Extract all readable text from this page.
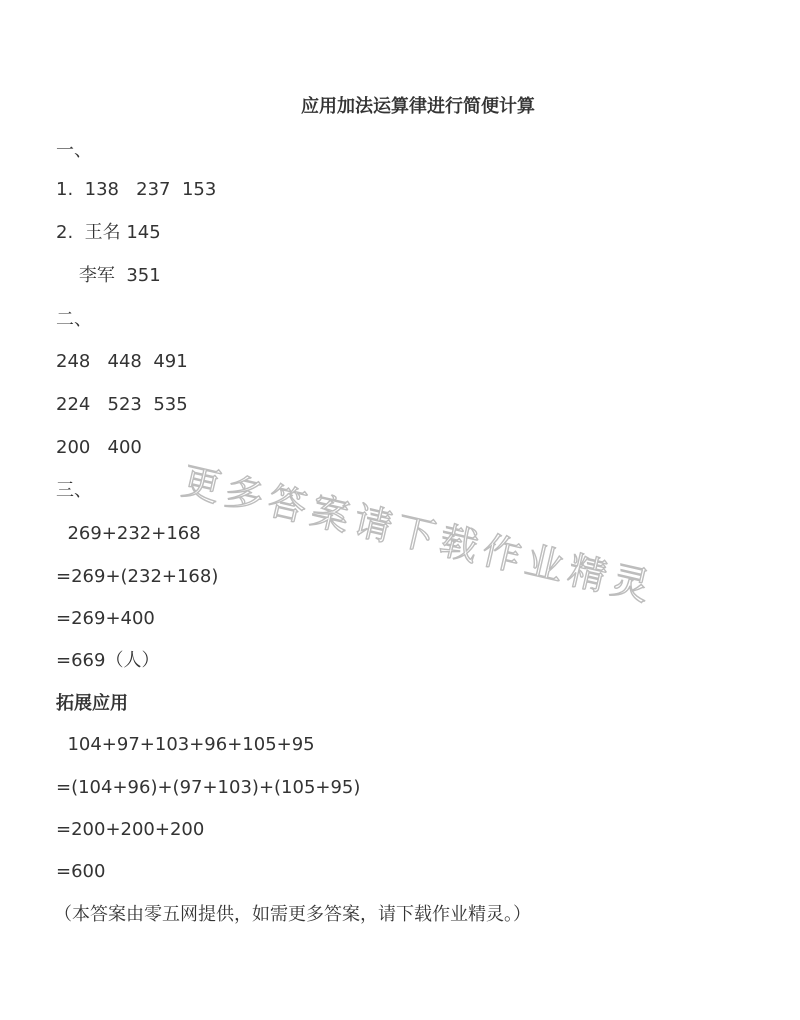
应用加法运算律进行简便计算
一、
1.  138   237  153
2.  王名 145
李军  351
二、
248   448  491
224   523  535
200   400
三、
269+232+168
=269+(232+168)
=269+400
=669（人）
拓展应用
104+97+103+96+105+95
=(104+96)+(97+103)+(105+95)
=200+200+200
=600
（本答案由零五网提供，如需更多答案，请下载作业精灵。）
更多答案请下载作业精灵
